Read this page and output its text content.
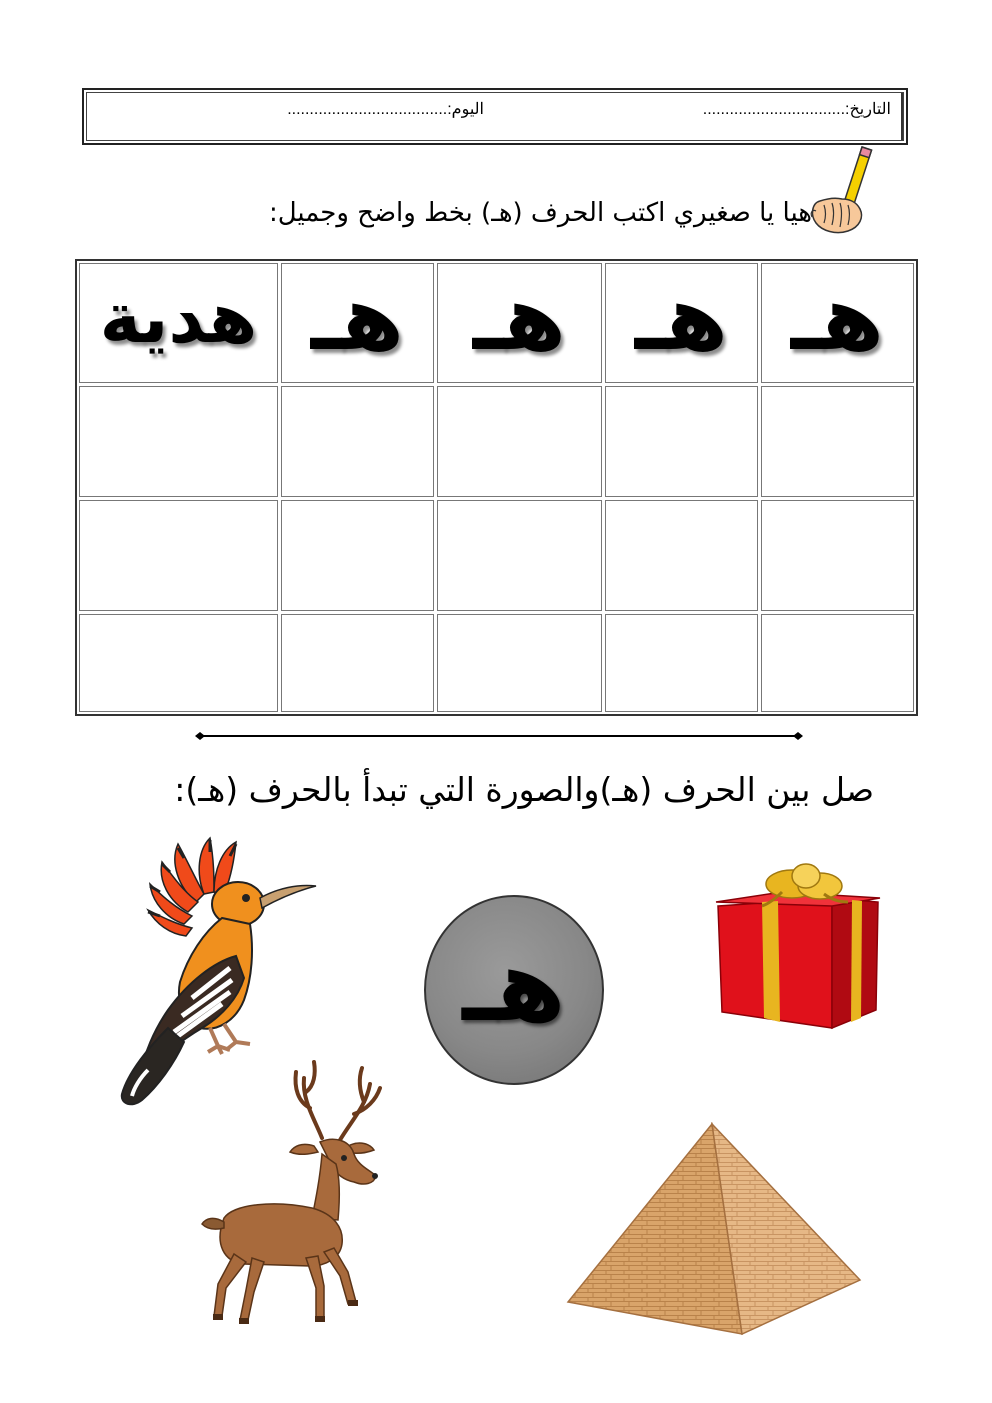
اليوم:....................................	التاريخ:................................
هيا يا صغيري اكتب الحرف (هـ) بخط واضح وجميل:
هـ
هـ
هـ
هـ
هدية
صل بين الحرف (هـ)والصورة التي تبدأ بالحرف (هـ):
هـ
